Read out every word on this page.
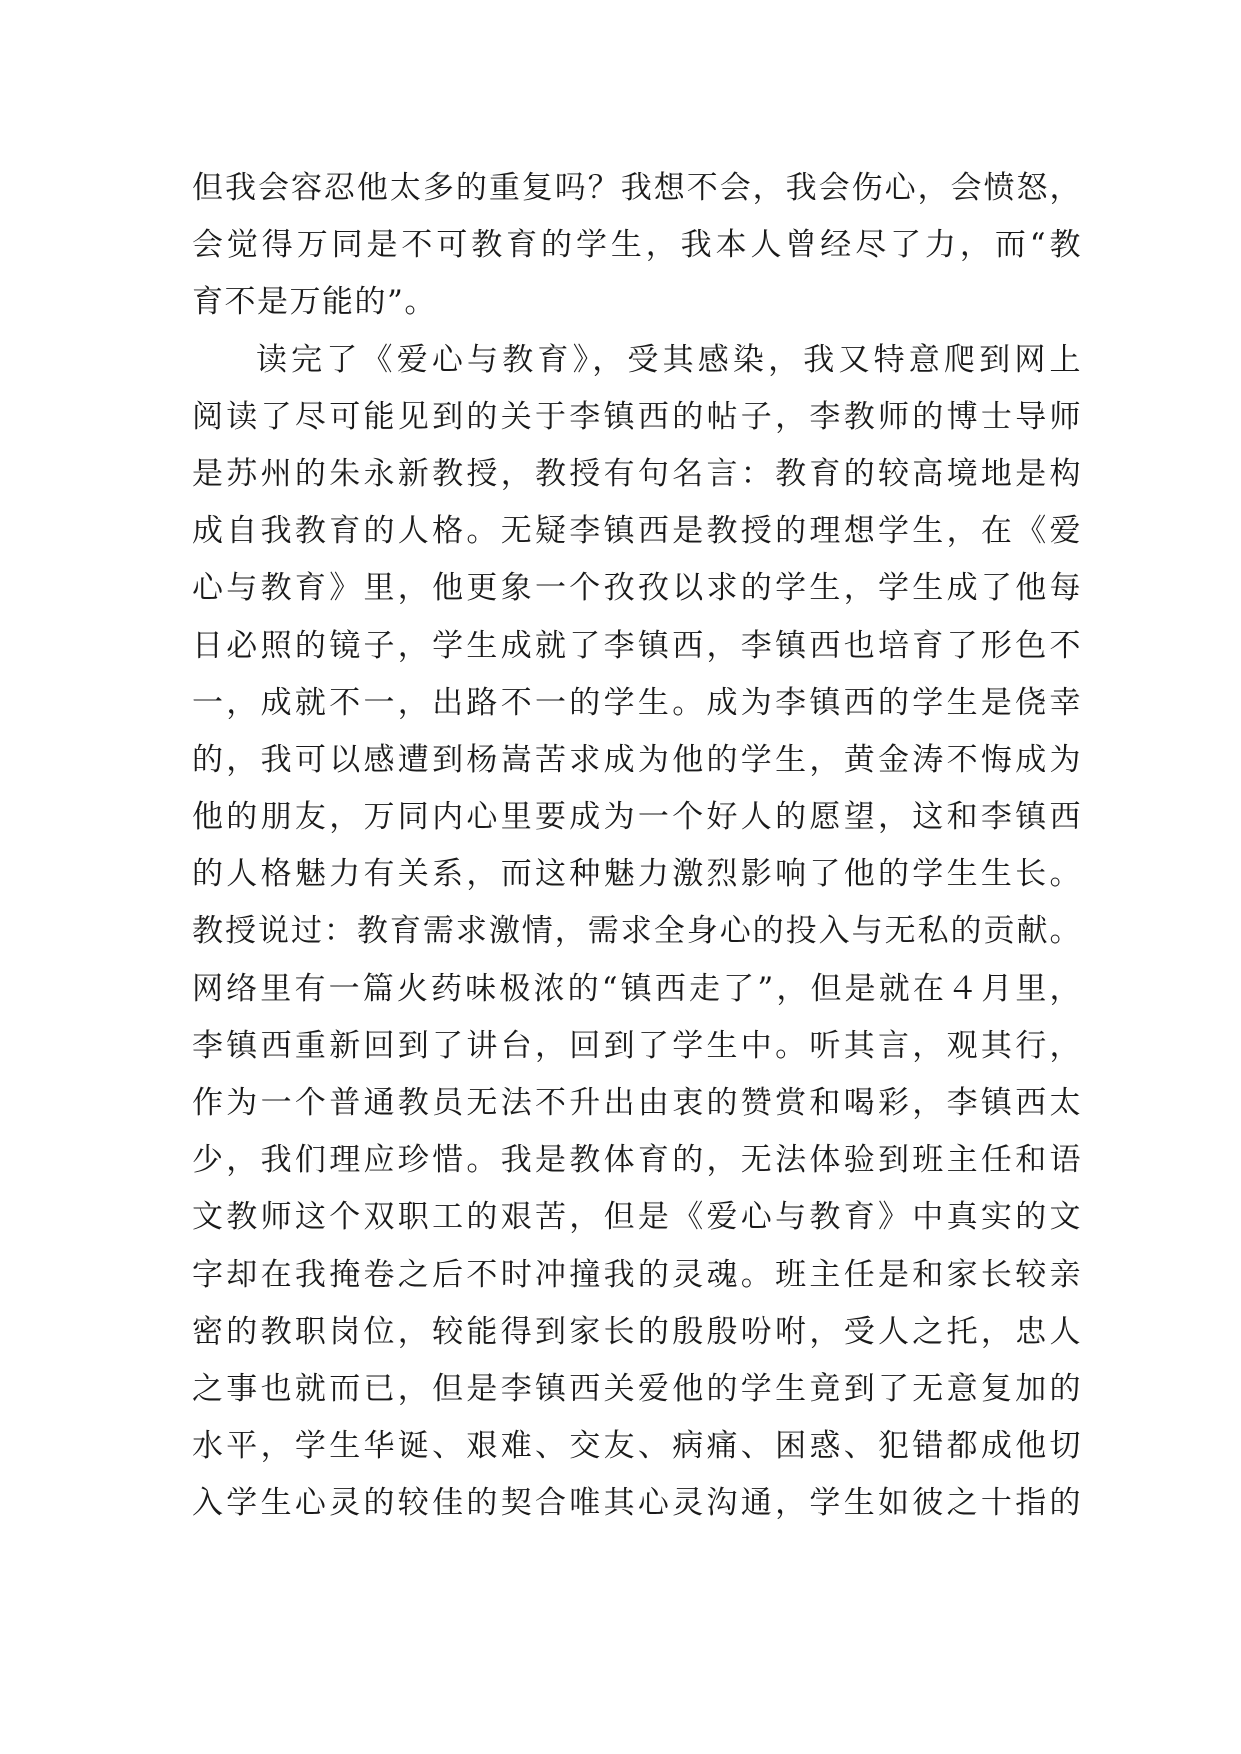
但我会容忍他太多的重复吗？我想不会，我会伤心，会愤怒，
会觉得万同是不可教育的学生，我本人曾经尽了力，而“教
育不是万能的”。
读完了《爱心与教育》，受其感染，我又特意爬到网上
阅读了尽可能见到的关于李镇西的帖子，李教师的博士导师
是苏州的朱永新教授，教授有句名言：教育的较高境地是构
成自我教育的人格。无疑李镇西是教授的理想学生，在《爱
心与教育》里，他更象一个孜孜以求的学生，学生成了他每
日必照的镜子，学生成就了李镇西，李镇西也培育了形色不
一，成就不一，出路不一的学生。成为李镇西的学生是侥幸
的，我可以感遭到杨嵩苦求成为他的学生，黄金涛不悔成为
他的朋友，万同内心里要成为一个好人的愿望，这和李镇西
的人格魅力有关系，而这种魅力激烈影响了他的学生生长。
教授说过：教育需求激情，需求全身心的投入与无私的贡献。
网络里有一篇火药味极浓的“镇西走了”，但是就在４月里，
李镇西重新回到了讲台，回到了学生中。听其言，观其行，
作为一个普通教员无法不升出由衷的赞赏和喝彩，李镇西太
少，我们理应珍惜。我是教体育的，无法体验到班主任和语
文教师这个双职工的艰苦，但是《爱心与教育》中真实的文
字却在我掩卷之后不时冲撞我的灵魂。班主任是和家长较亲
密的教职岗位，较能得到家长的殷殷吩咐，受人之托，忠人
之事也就而已，但是李镇西关爱他的学生竟到了无意复加的
水平，学生华诞、艰难、交友、病痛、困惑、犯错都成他切
入学生心灵的较佳的契合唯其心灵沟通，学生如彼之十指的
